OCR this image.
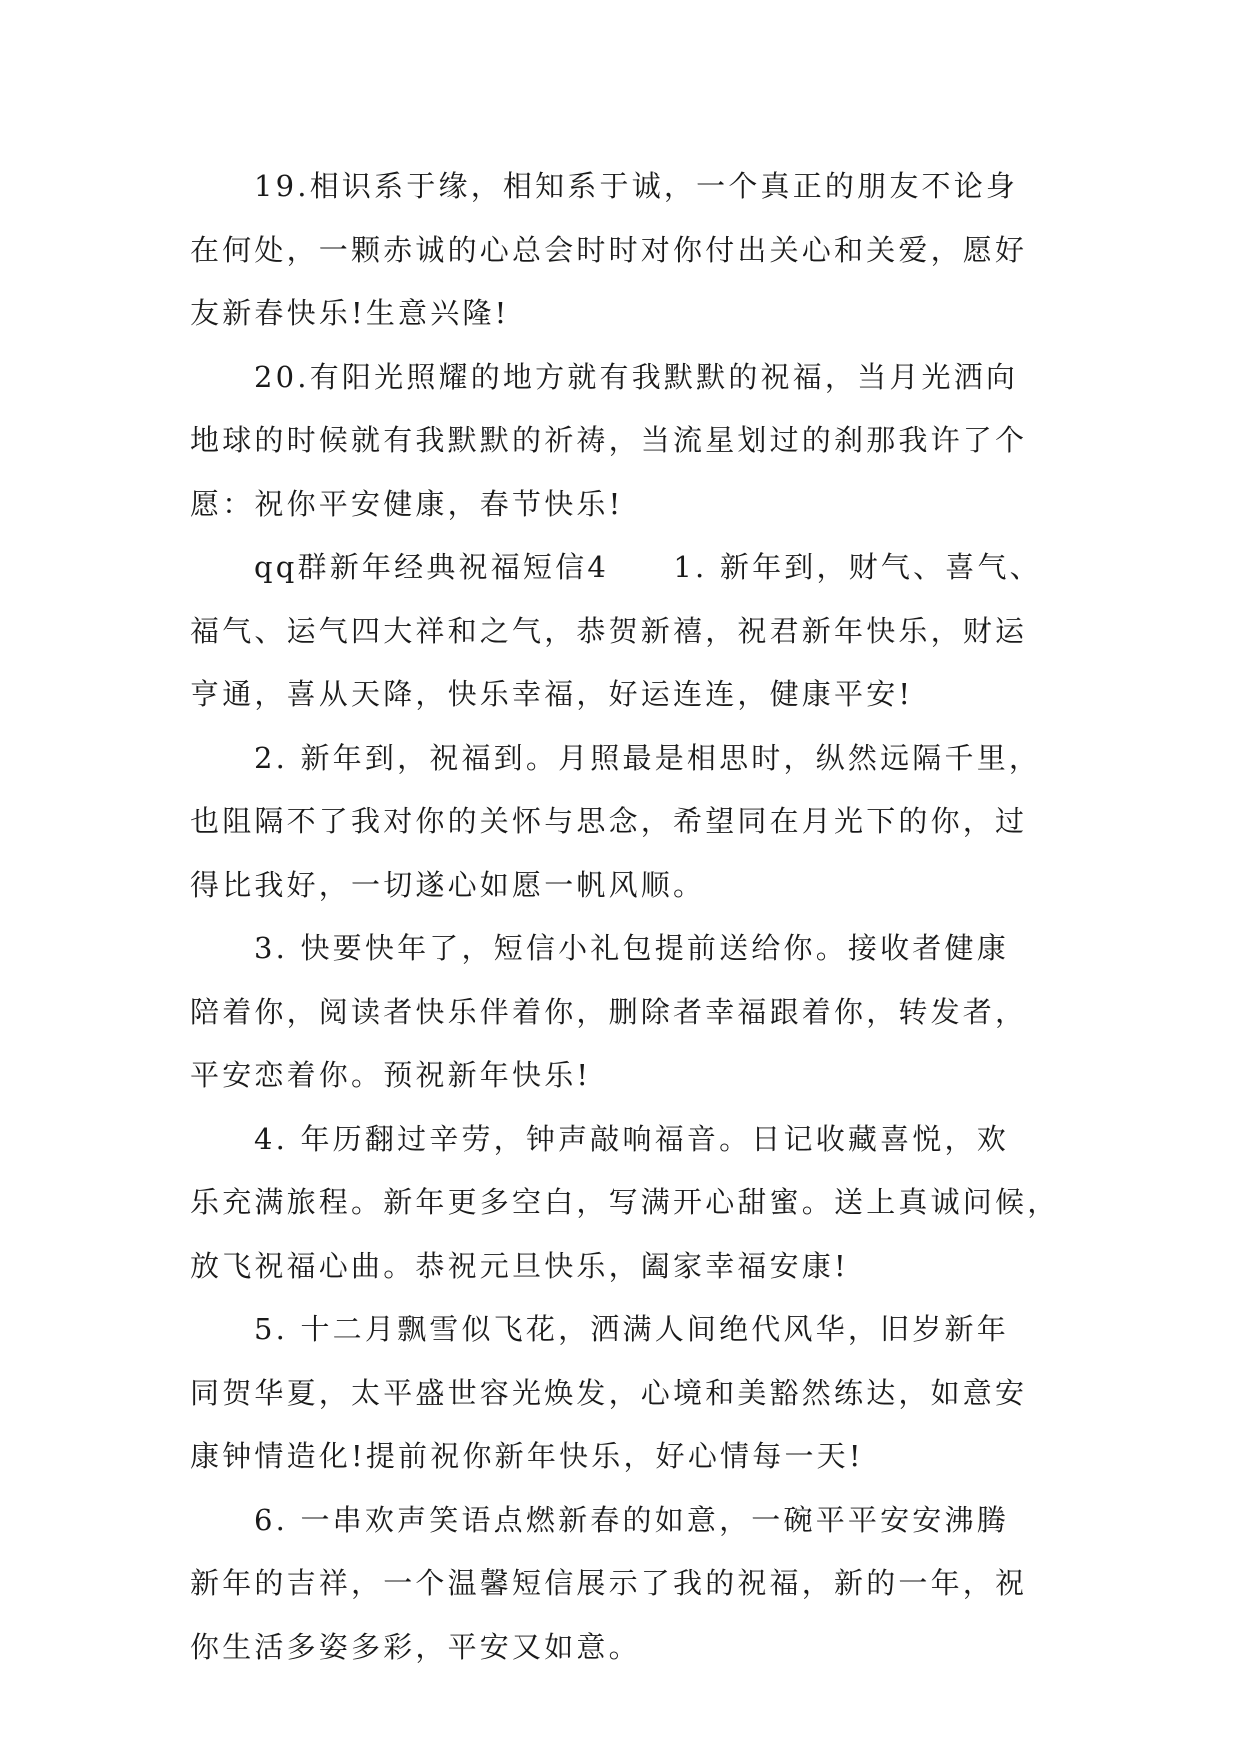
19.相识系于缘，相知系于诚，一个真正的朋友不论身
在何处，一颗赤诚的心总会时时对你付出关心和关爱，愿好
友新春快乐!生意兴隆!
20.有阳光照耀的地方就有我默默的祝福，当月光洒向
地球的时候就有我默默的祈祷，当流星划过的刹那我许了个
愿：祝你平安健康，春节快乐!
qq群新年经典祝福短信4　　1. 新年到，财气、喜气、
福气、运气四大祥和之气，恭贺新禧，祝君新年快乐，财运
亨通，喜从天降，快乐幸福，好运连连，健康平安!
2. 新年到，祝福到。月照最是相思时，纵然远隔千里，
也阻隔不了我对你的关怀与思念，希望同在月光下的你，过
得比我好，一切遂心如愿一帆风顺。
3. 快要快年了，短信小礼包提前送给你。接收者健康
陪着你，阅读者快乐伴着你，删除者幸福跟着你，转发者，
平安恋着你。预祝新年快乐!
4. 年历翻过辛劳，钟声敲响福音。日记收藏喜悦，欢
乐充满旅程。新年更多空白，写满开心甜蜜。送上真诚问候，
放飞祝福心曲。恭祝元旦快乐，阖家幸福安康!
5. 十二月飘雪似飞花，洒满人间绝代风华，旧岁新年
同贺华夏，太平盛世容光焕发，心境和美豁然练达，如意安
康钟情造化!提前祝你新年快乐，好心情每一天!
6. 一串欢声笑语点燃新春的如意，一碗平平安安沸腾
新年的吉祥，一个温馨短信展示了我的祝福，新的一年，祝
你生活多姿多彩，平安又如意。
